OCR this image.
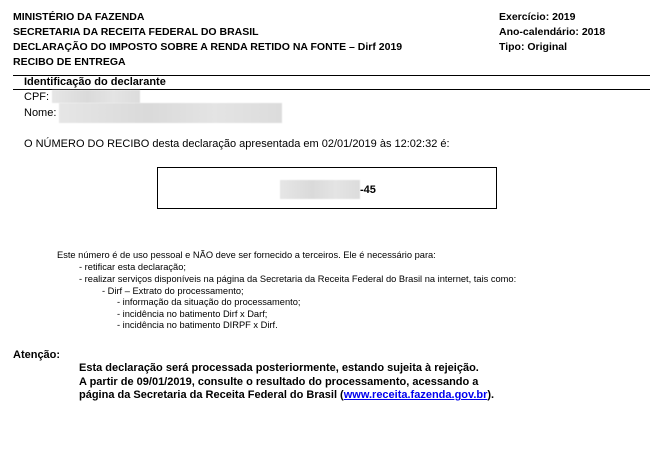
MINISTÉRIO DA FAZENDA
SECRETARIA DA RECEITA FEDERAL DO BRASIL
DECLARAÇÃO DO IMPOSTO SOBRE A RENDA RETIDO NA FONTE – Dirf 2019
RECIBO DE ENTREGA
Exercício: 2019
Ano-calendário: 2018
Tipo: Original
Identificação do declarante
CPF:
Nome:
O NÚMERO DO RECIBO desta declaração apresentada em 02/01/2019 às 12:02:32 é:
-45
Este número é de uso pessoal e NÃO deve ser fornecido a terceiros. Ele é necessário para:
- retificar esta declaração;
- realizar serviços disponíveis na página da Secretaria da Receita Federal do Brasil na internet, tais como:
- Dirf – Extrato do processamento;
- informação da situação do processamento;
- incidência no batimento Dirf x Darf;
- incidência no batimento DIRPF x Dirf.
Atenção:
Esta declaração será processada posteriormente, estando sujeita à rejeição.
A partir de 09/01/2019, consulte o resultado do processamento, acessando a
página da Secretaria da Receita Federal do Brasil (www.receita.fazenda.gov.br).
